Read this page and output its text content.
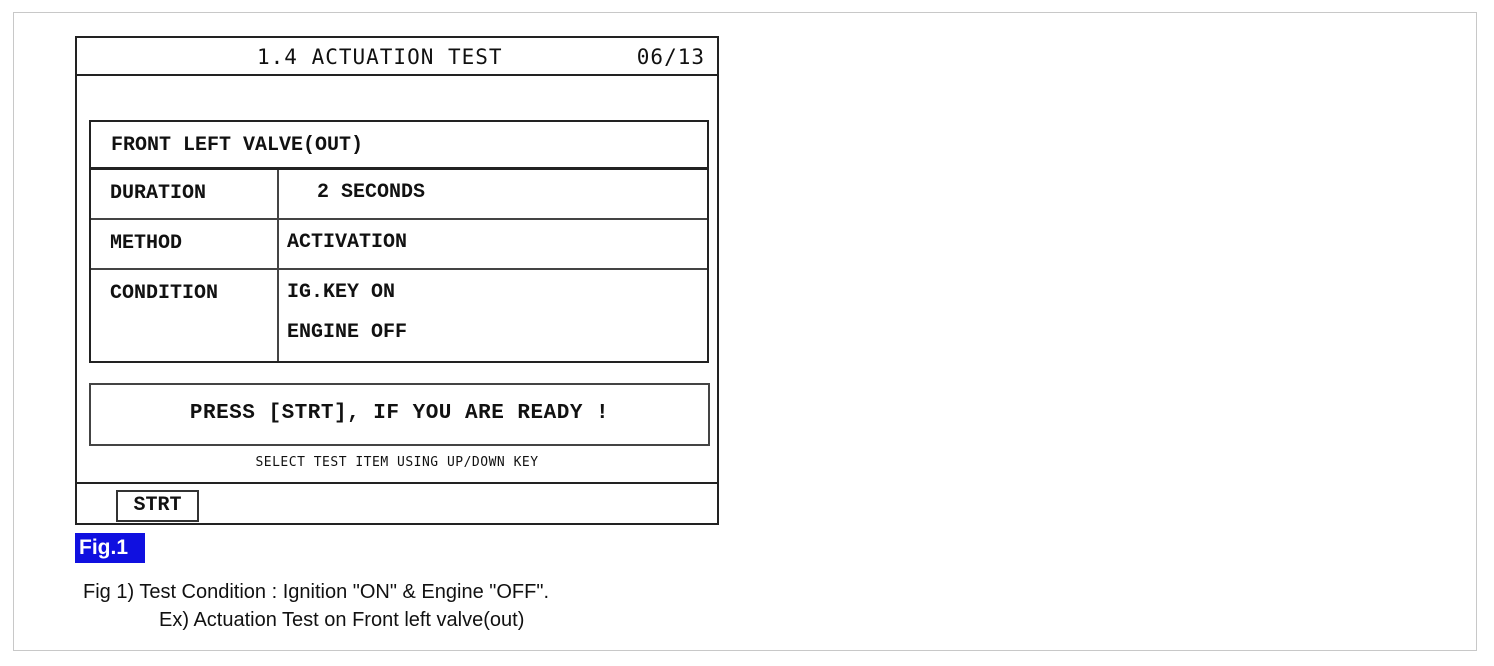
1.4 ACTUATION TEST	06/13
FRONT LEFT VALVE(OUT)
DURATION	2 SECONDS
METHOD	ACTIVATION
CONDITION	IG.KEY ON
ENGINE OFF
PRESS [STRT], IF YOU ARE READY !
SELECT TEST ITEM USING UP/DOWN KEY
STRT
Fig.1
Fig 1) Test Condition : Ignition "ON" & Engine "OFF".
Ex) Actuation Test on Front left valve(out)
